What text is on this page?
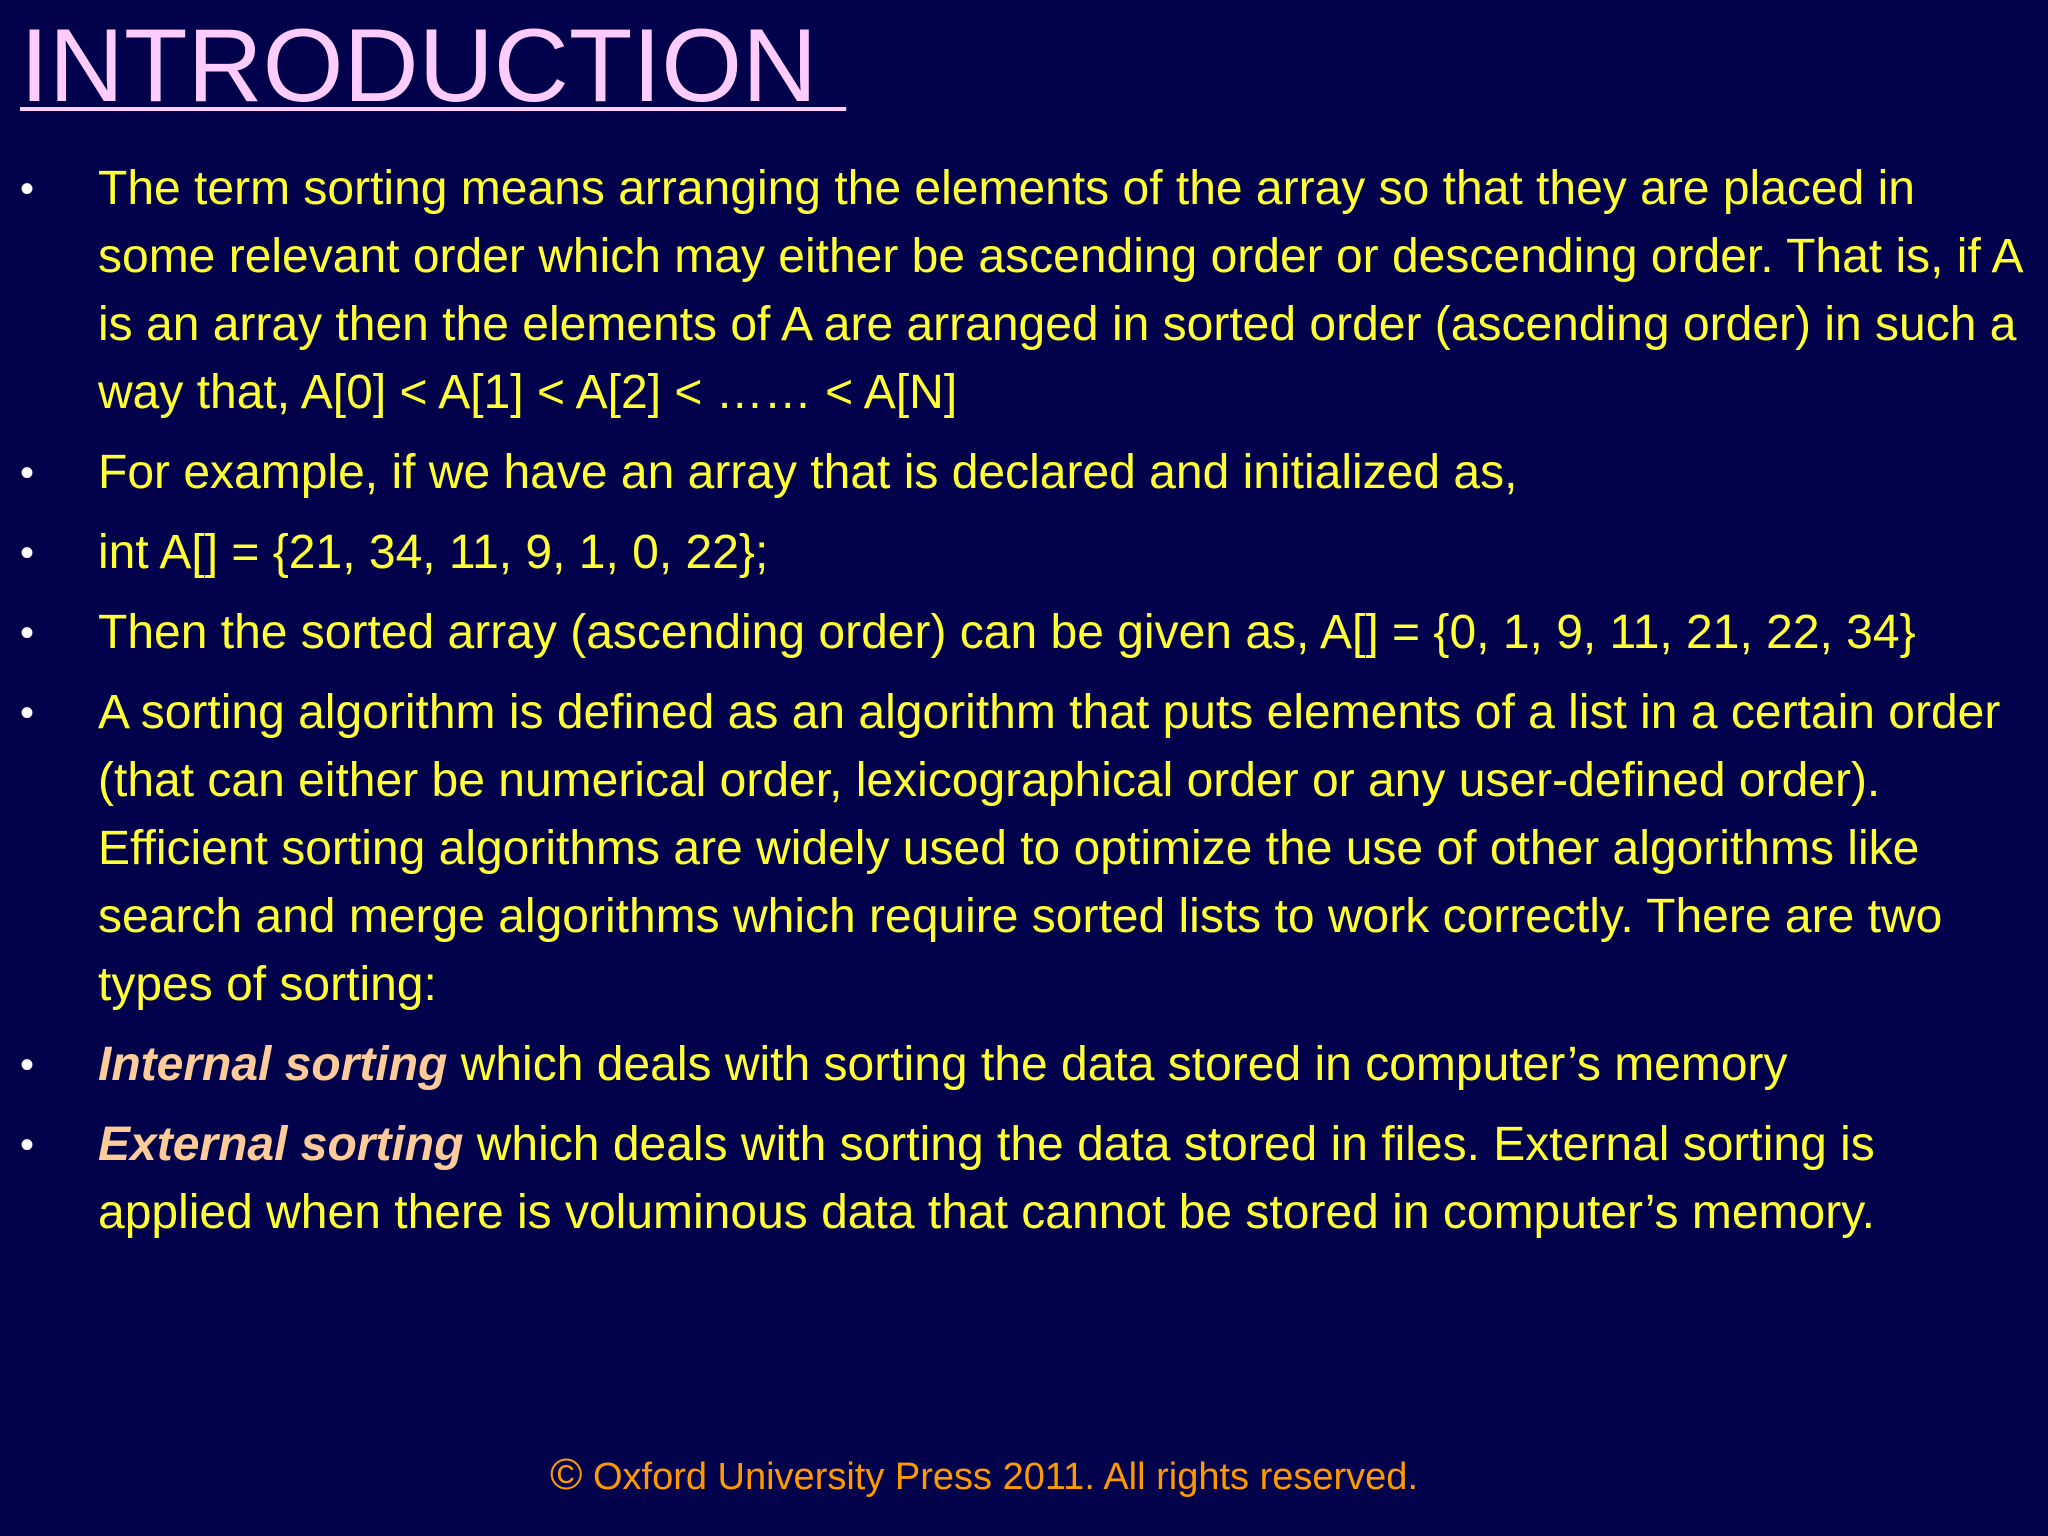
INTRODUCTION
•	The term sorting means arranging the elements of the array so that they are placed in some relevant order which may either be ascending order or descending order. That is, if A is an array then the elements of A are arranged in sorted order (ascending order) in such a way that, A[0] < A[1] < A[2] < …… < A[N]
•	For example, if we have an array that is declared and initialized as,
•	int A[] = {21, 34, 11, 9, 1, 0, 22};
•	Then the sorted array (ascending order) can be given as, A[] = {0, 1, 9, 11, 21, 22, 34}
•	A sorting algorithm is defined as an algorithm that puts elements of a list in a certain order (that can either be numerical order, lexicographical order or any user-defined order). Efficient sorting algorithms are widely used to optimize the use of other algorithms like search and merge algorithms which require sorted lists to work correctly. There are two types of sorting:
•	Internal sorting which deals with sorting the data stored in computer’s memory
•	External sorting which deals with sorting the data stored in files. External sorting is applied when there is voluminous data that cannot be stored in computer’s memory.

© Oxford University Press 2011. All rights reserved.
